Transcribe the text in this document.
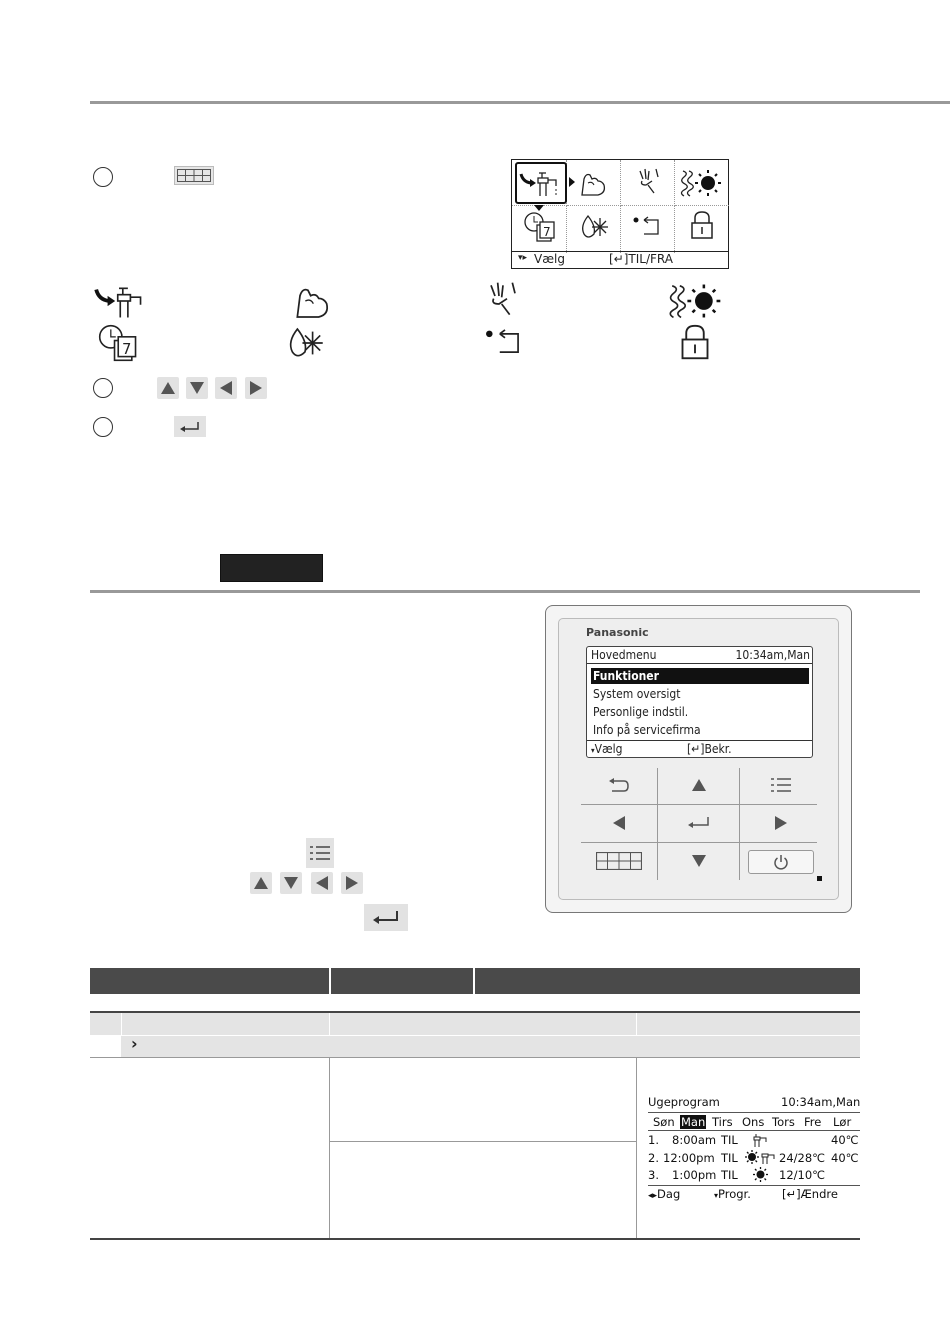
7
▾▸ Vælg	[↵]TIL/FRA
7
Panasonic
Hovedmenu	10:34am,Man
Funktioner
System oversigt
Personlige indstil.
Info på servicefirma
▾Vælg	[↵]Bekr.
›
Ugeprogram	10:34am,Man
Søn Man Tirs Ons Tors Fre Lør
1. 8:00am TIL	40℃
2. 12:00pm TIL	24/28℃ 40℃
3. 1:00pm TIL	12/10℃
◂▸Dag	▾Progr.	[↵]Ændre
